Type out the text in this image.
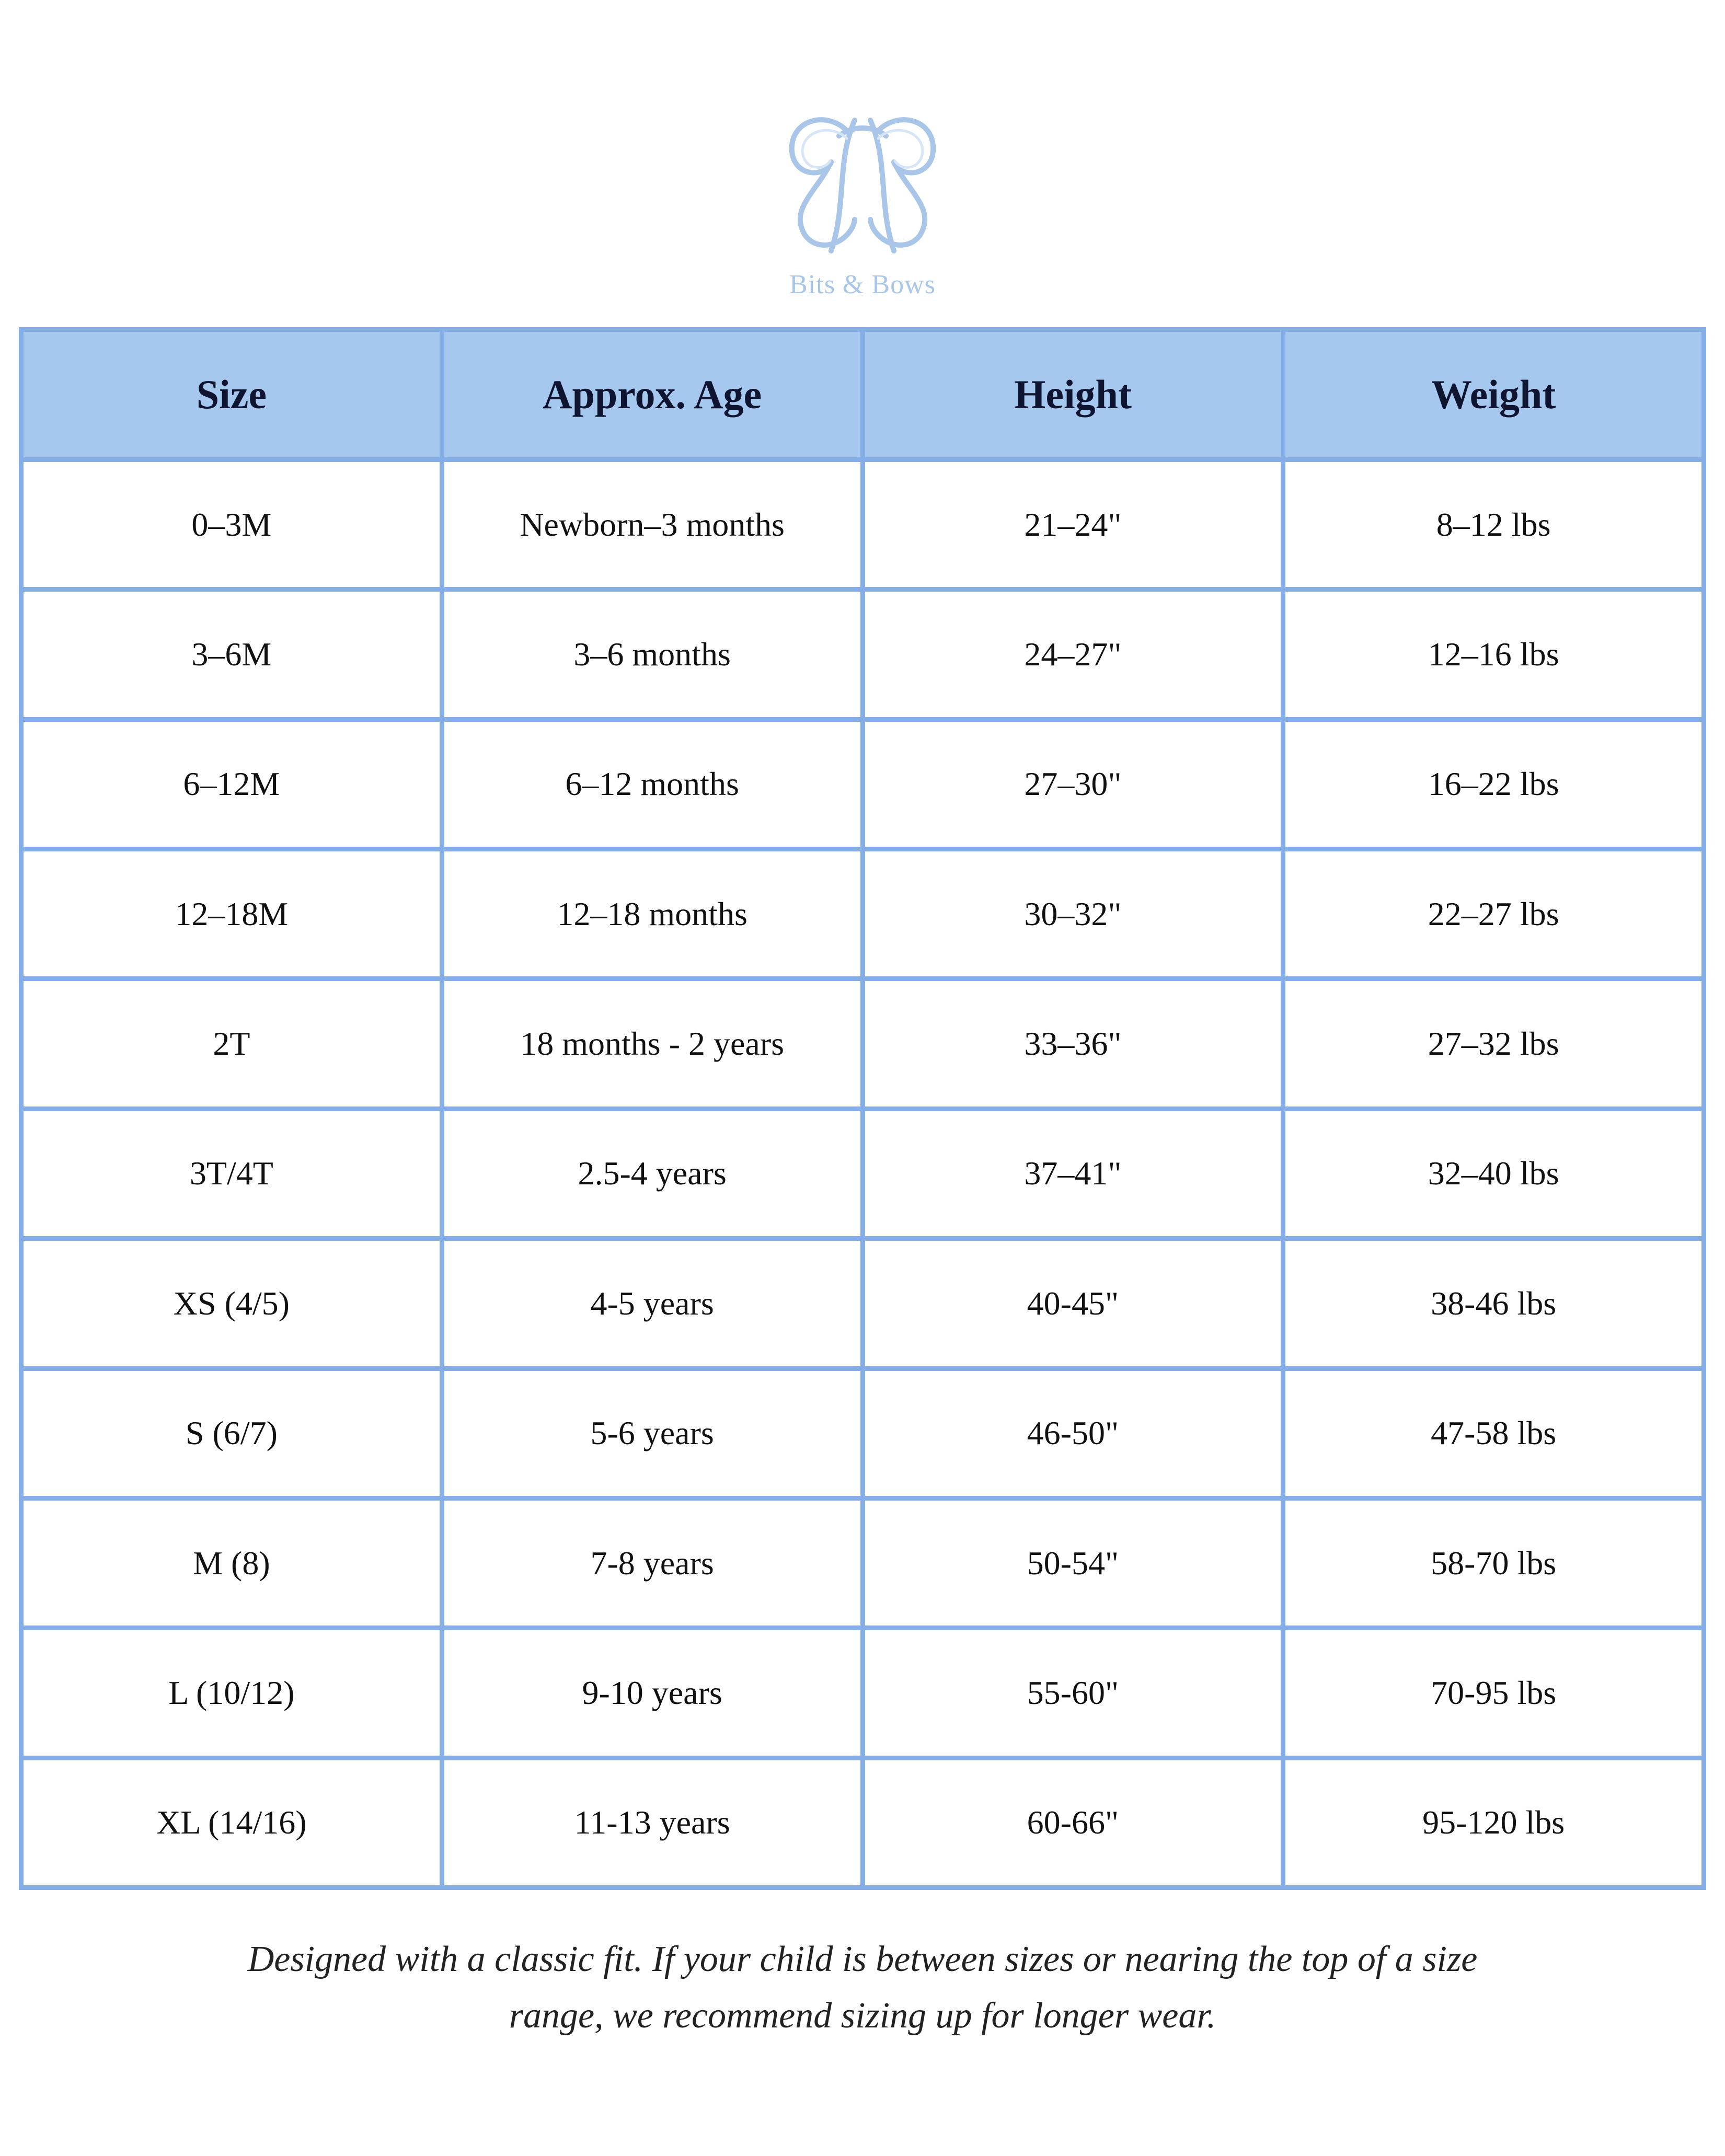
Bits & Bows
Size	Approx. Age	Height	Weight
0–3M	Newborn–3 months	21–24"	8–12 lbs
3–6M	3–6 months	24–27"	12–16 lbs
6–12M	6–12 months	27–30"	16–22 lbs
12–18M	12–18 months	30–32"	22–27 lbs
2T	18 months - 2 years	33–36"	27–32 lbs
3T/4T	2.5-4 years	37–41"	32–40 lbs
XS (4/5)	4-5 years	40-45"	38-46 lbs
S (6/7)	5-6 years	46-50"	47-58 lbs
M (8)	7-8 years	50-54"	58-70 lbs
L (10/12)	9-10 years	55-60"	70-95 lbs
XL (14/16)	11-13 years	60-66"	95-120 lbs
Designed with a classic fit. If your child is between sizes or nearing the top of a size
range, we recommend sizing up for longer wear.
